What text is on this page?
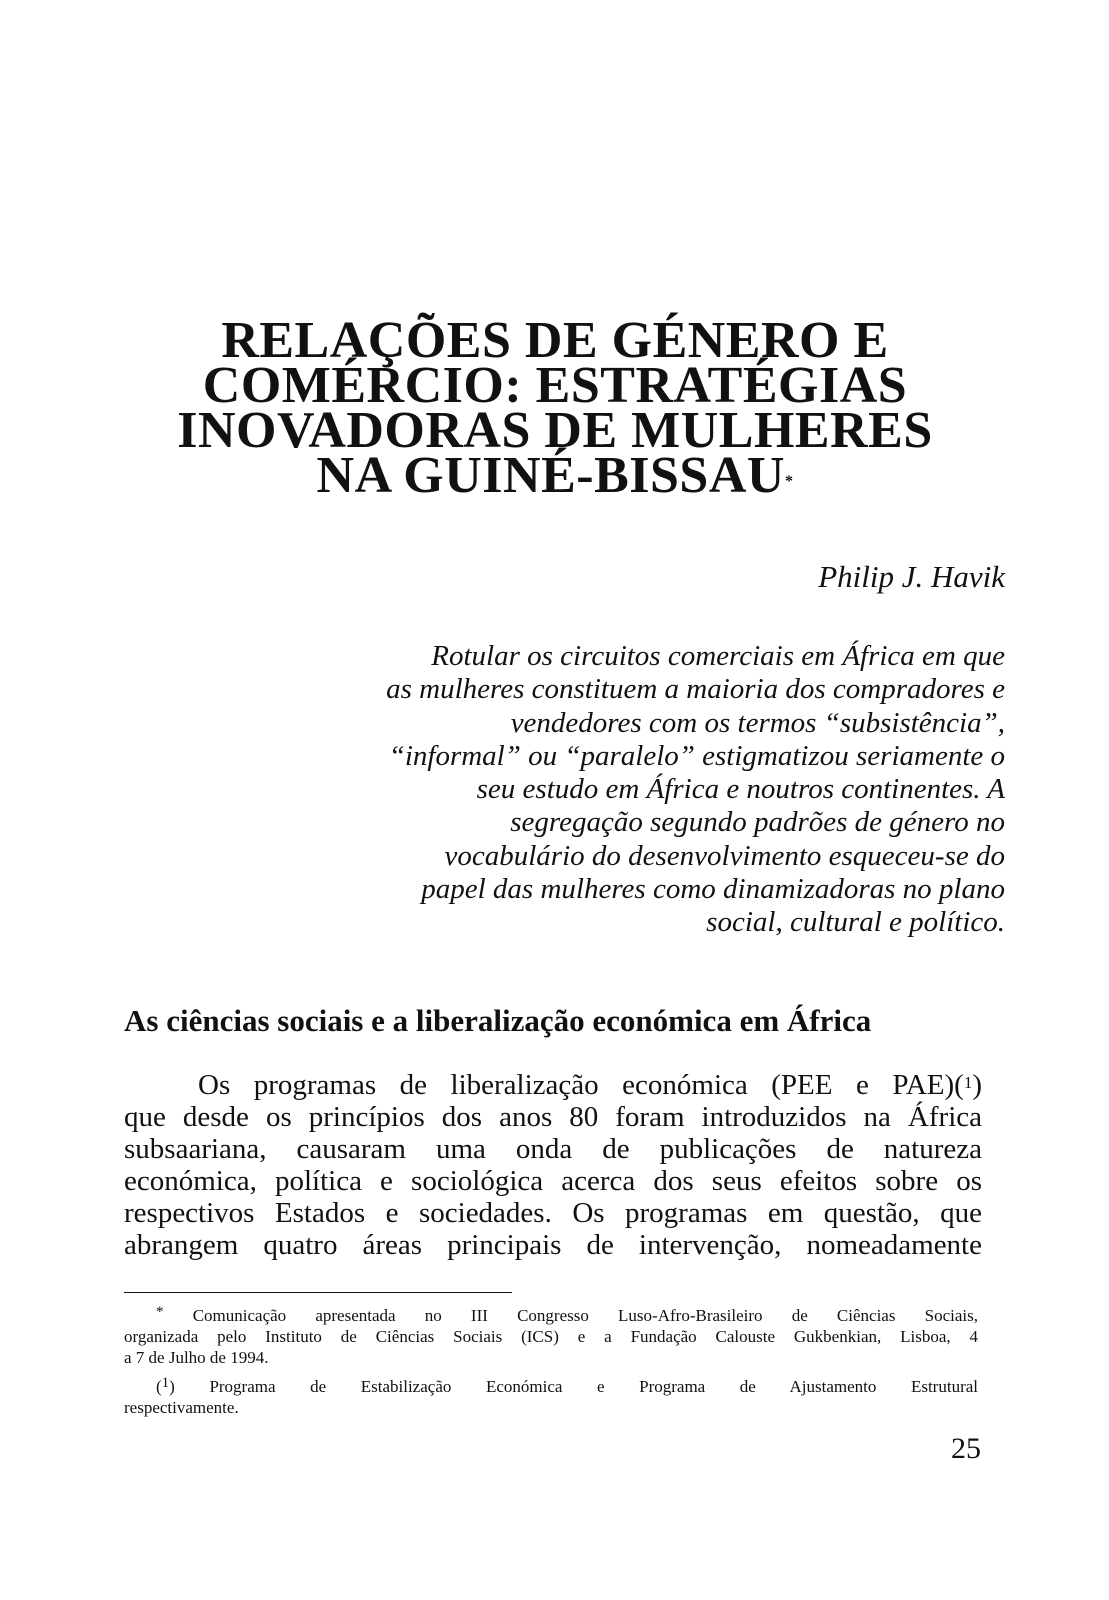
RELAÇÕES DE GÉNERO E
COMÉRCIO: ESTRATÉGIAS
INOVADORAS DE MULHERES
NA GUINÉ-BISSAU*
Philip J. Havik
Rotular os circuitos comerciais em África em que
as mulheres constituem a maioria dos compradores e
vendedores com os termos “subsistência”,
“informal” ou “paralelo” estigmatizou seriamente o
seu estudo em África e noutros continentes. A
segregação segundo padrões de género no
vocabulário do desenvolvimento esqueceu-se do
papel das mulheres como dinamizadoras no plano
social, cultural e político.
As ciências sociais e a liberalização económica em África
Os programas de liberalização económica (PEE e PAE)($^1$)
que desde os princípios dos anos 80 foram introduzidos na África
subsaariana, causaram uma onda de publicações de natureza
económica, política e sociológica acerca dos seus efeitos sobre os
respectivos Estados e sociedades. Os programas em questão, que
abrangem quatro áreas principais de intervenção, nomeadamente
* Comunicação apresentada no III Congresso Luso-Afro-Brasileiro de Ciências Sociais,
organizada pelo Instituto de Ciências Sociais (ICS) e a Fundação Calouste Gukbenkian, Lisboa, 4
a 7 de Julho de 1994.
(1) Programa de Estabilização Económica e Programa de Ajustamento Estrutural
respectivamente.
25
